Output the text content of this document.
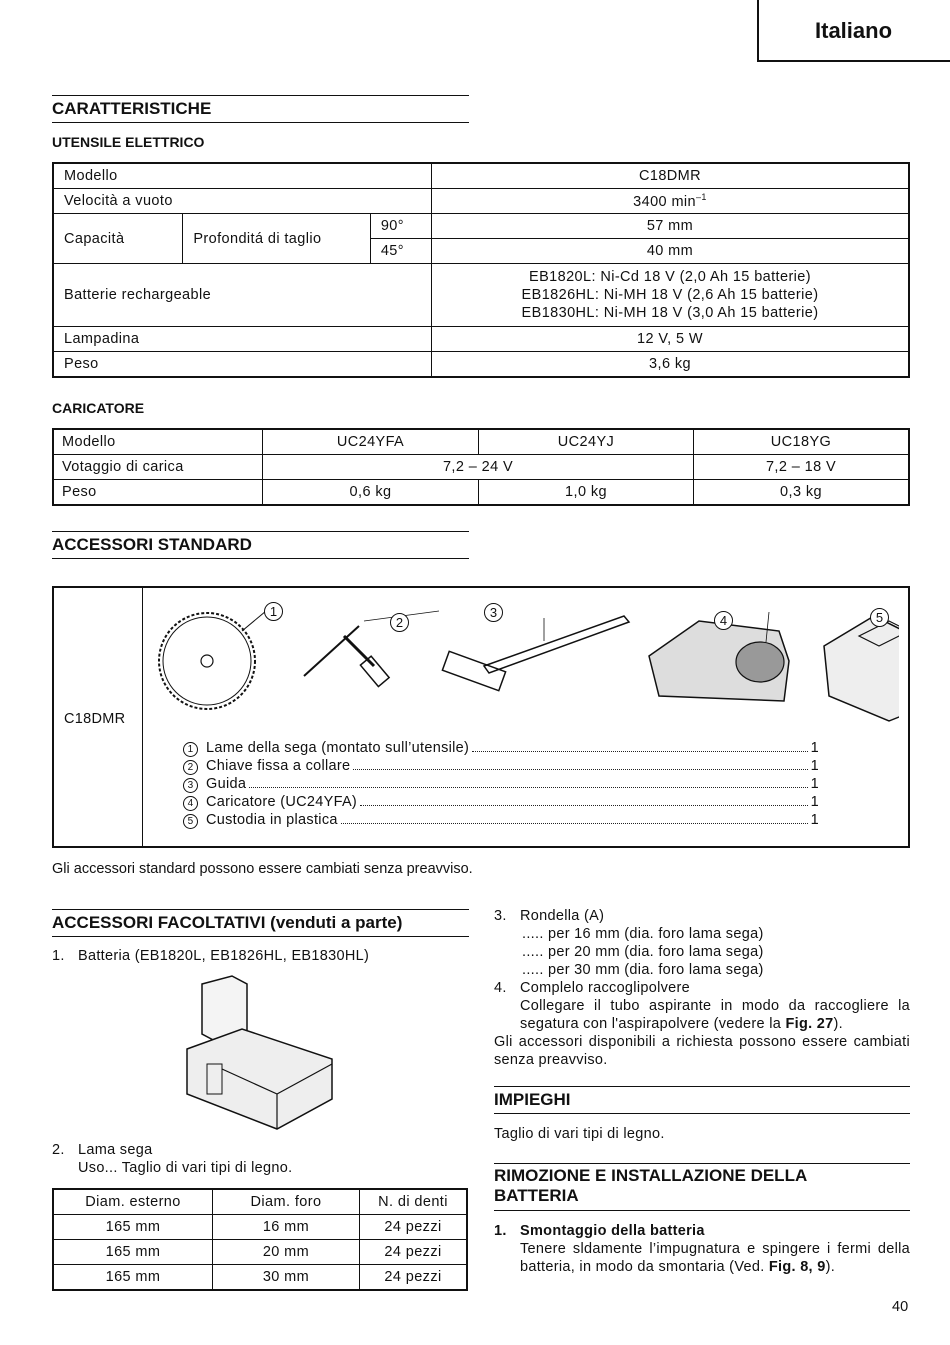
Italiano
CARATTERISTICHE
UTENSILE ELETTRICO
Modello			C18DMR
Velocità a vuoto			3400 $\min^{-1}$
Capacità	Profonditá di taglio	90°	57 mm
		45°	40 mm
Batterie rechargeable			EB1820L: Ni-Cd 18 V (2,0 Ah 15 batterie)
EB1826HL: Ni-MH 18 V (2,6 Ah 15 batterie)
EB1830HL: Ni-MH 18 V (3,0 Ah 15 batterie)

Lampadina			12 V, 5 W
Peso			3,6 kg
CARICATORE
Modello	UC24YFA	UC24YJ	UC18YG
Votaggio di carica	7,2 – 24 V		7,2 – 18 V
Peso	0,6 kg	1,0 kg	0,3 kg
ACCESSORI STANDARD
C18DMR
1
2
3
4	5
1 Lame della sega (montato sull’utensile)	1
2 Chiave fissa a collare	1
3 Guida	1
4 Caricatore (UC24YFA)	1
5 Custodia in plastica	1
Gli accessori standard possono essere cambiati senza preavviso.
ACCESSORI FACOLTATIVI (venduti a parte)
1. Batteria (EB1820L, EB1826HL, EB1830HL)
2. Lama sega
Uso... Taglio di vari tipi di legno.
Diam. esterno	Diam. foro	N. di denti
165 mm	16 mm	24 pezzi
165 mm	20 mm	24 pezzi
165 mm	30 mm	24 pezzi
3. Rondella (A)
..... per 16 mm (dia. foro lama sega)
..... per 20 mm (dia. foro lama sega)
..... per 30 mm (dia. foro lama sega)
4. Complelo raccoglipolvere
Collegare il tubo aspirante in modo da raccogliere la segatura con l'aspirapolvere (vedere la Fig. 27).
Gli accessori disponibili a richiesta possono essere cambiati senza preavviso.
IMPIEGHI
Taglio di vari tipi di legno.
RIMOZIONE E INSTALLAZIONE DELLA
BATTERIA
1. Smontaggio della batteria
Tenere sldamente l’impugnatura e spingere i fermi della batteria, in modo da smontaria (Ved. Fig. 8, 9).
40
